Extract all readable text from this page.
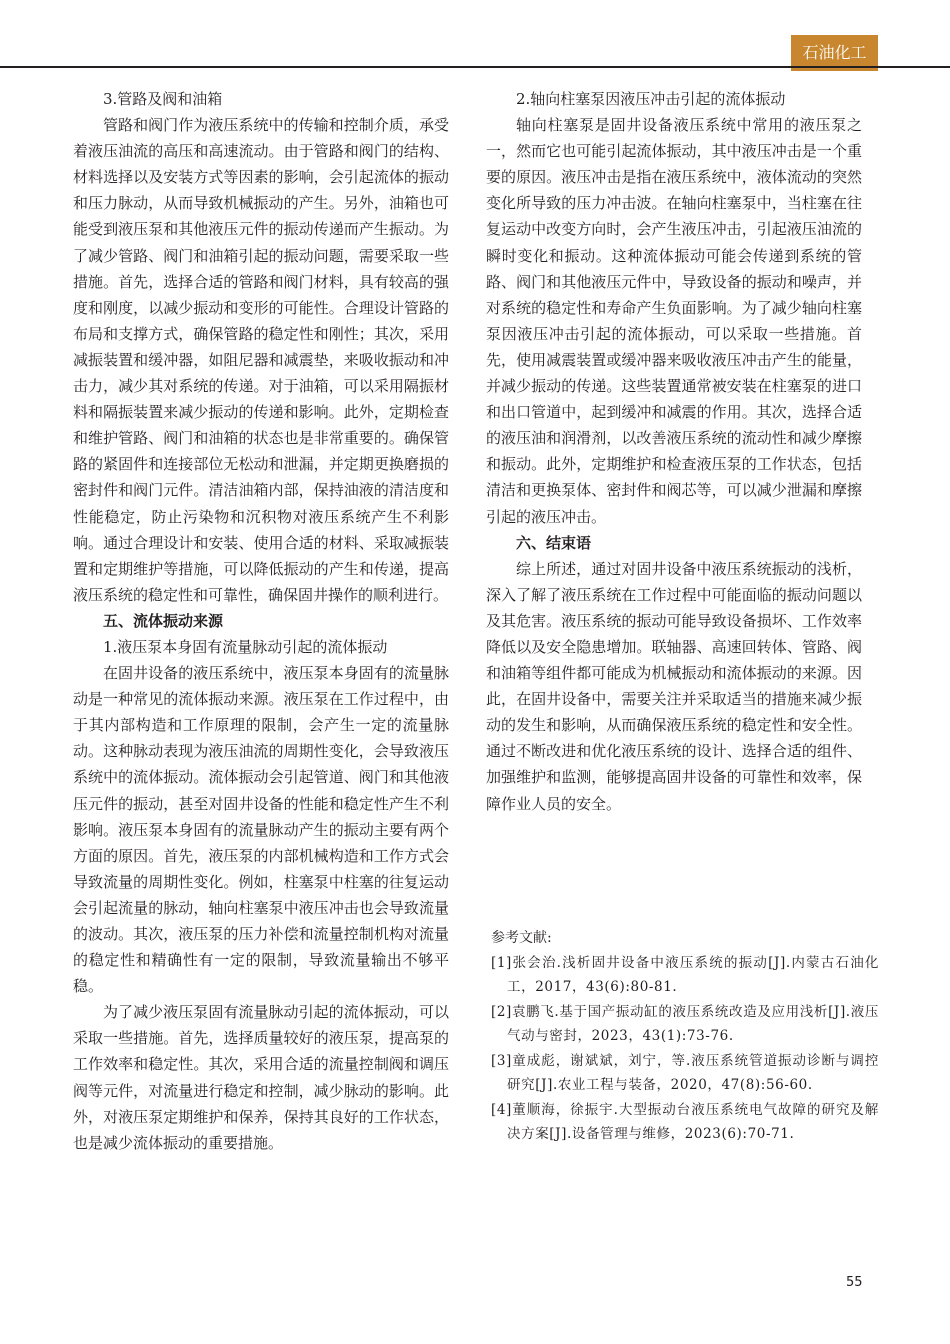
石油化工
3.管路及阀和油箱

管路和阀门作为液压系统中的传输和控制介质，承受着液压油流的高压和高速流动。由于管路和阀门的结构、材料选择以及安装方式等因素的影响，会引起流体的振动和压力脉动，从而导致机械振动的产生。另外，油箱也可能受到液压泵和其他液压元件的振动传递而产生振动。为了减少管路、阀门和油箱引起的振动问题，需要采取一些措施。首先，选择合适的管路和阀门材料，具有较高的强度和刚度，以减少振动和变形的可能性。合理设计管路的布局和支撑方式，确保管路的稳定性和刚性；其次，采用减振装置和缓冲器，如阻尼器和减震垫，来吸收振动和冲击力，减少其对系统的传递。对于油箱，可以采用隔振材料和隔振装置来减少振动的传递和影响。此外，定期检查和维护管路、阀门和油箱的状态也是非常重要的。确保管路的紧固件和连接部位无松动和泄漏，并定期更换磨损的密封件和阀门元件。清洁油箱内部，保持油液的清洁度和性能稳定，防止污染物和沉积物对液压系统产生不利影响。通过合理设计和安装、使用合适的材料、采取减振装置和定期维护等措施，可以降低振动的产生和传递，提高液压系统的稳定性和可靠性，确保固井操作的顺利进行。

五、流体振动来源
1.液压泵本身固有流量脉动引起的流体振动

在固井设备的液压系统中，液压泵本身固有的流量脉动是一种常见的流体振动来源。液压泵在工作过程中，由于其内部构造和工作原理的限制，会产生一定的流量脉动。这种脉动表现为液压油流的周期性变化，会导致液压系统中的流体振动。流体振动会引起管道、阀门和其他液压元件的振动，甚至对固井设备的性能和稳定性产生不利影响。液压泵本身固有的流量脉动产生的振动主要有两个方面的原因。首先，液压泵的内部机械构造和工作方式会导致流量的周期性变化。例如，柱塞泵中柱塞的往复运动会引起流量的脉动，轴向柱塞泵中液压冲击也会导致流量的波动。其次，液压泵的压力补偿和流量控制机构对流量的稳定性和精确性有一定的限制，导致流量输出不够平稳。

为了减少液压泵固有流量脉动引起的流体振动，可以采取一些措施。首先，选择质量较好的液压泵，提高泵的工作效率和稳定性。其次，采用合适的流量控制阀和调压阀等元件，对流量进行稳定和控制，减少脉动的影响。此外，对液压泵定期维护和保养，保持其良好的工作状态，也是减少流体振动的重要措施。

2.轴向柱塞泵因液压冲击引起的流体振动

轴向柱塞泵是固井设备液压系统中常用的液压泵之一，然而它也可能引起流体振动，其中液压冲击是一个重要的原因。液压冲击是指在液压系统中，液体流动的突然变化所导致的压力冲击波。在轴向柱塞泵中，当柱塞在往复运动中改变方向时，会产生液压冲击，引起液压油流的瞬时变化和振动。这种流体振动可能会传递到系统的管路、阀门和其他液压元件中，导致设备的振动和噪声，并对系统的稳定性和寿命产生负面影响。为了减少轴向柱塞泵因液压冲击引起的流体振动，可以采取一些措施。首先，使用减震装置或缓冲器来吸收液压冲击产生的能量，并减少振动的传递。这些装置通常被安装在柱塞泵的进口和出口管道中，起到缓冲和减震的作用。其次，选择合适的液压油和润滑剂，以改善液压系统的流动性和减少摩擦和振动。此外，定期维护和检查液压泵的工作状态，包括清洁和更换泵体、密封件和阀芯等，可以减少泄漏和摩擦引起的液压冲击。

六、结束语

综上所述，通过对固井设备中液压系统振动的浅析，深入了解了液压系统在工作过程中可能面临的振动问题以及其危害。液压系统的振动可能导致设备损坏、工作效率降低以及安全隐患增加。联轴器、高速回转体、管路、阀和油箱等组件都可能成为机械振动和流体振动的来源。因此，在固井设备中，需要关注并采取适当的措施来减少振动的发生和影响，从而确保液压系统的稳定性和安全性。通过不断改进和优化液压系统的设计、选择合适的组件、加强维护和监测，能够提高固井设备的可靠性和效率，保障作业人员的安全。

参考文献:
[1]张会治.浅析固井设备中液压系统的振动[J].内蒙古石油化工，2017，43(6):80-81.
[2]袁鹏飞.基于国产振动缸的液压系统改造及应用浅析[J].液压气动与密封，2023，43(1):73-76.
[3]童成彪，谢斌斌，刘宁，等.液压系统管道振动诊断与调控研究[J].农业工程与装备，2020，47(8):56-60.
[4]董顺海，徐振宇.大型振动台液压系统电气故障的研究及解决方案[J].设备管理与维修，2023(6):70-71.
55
